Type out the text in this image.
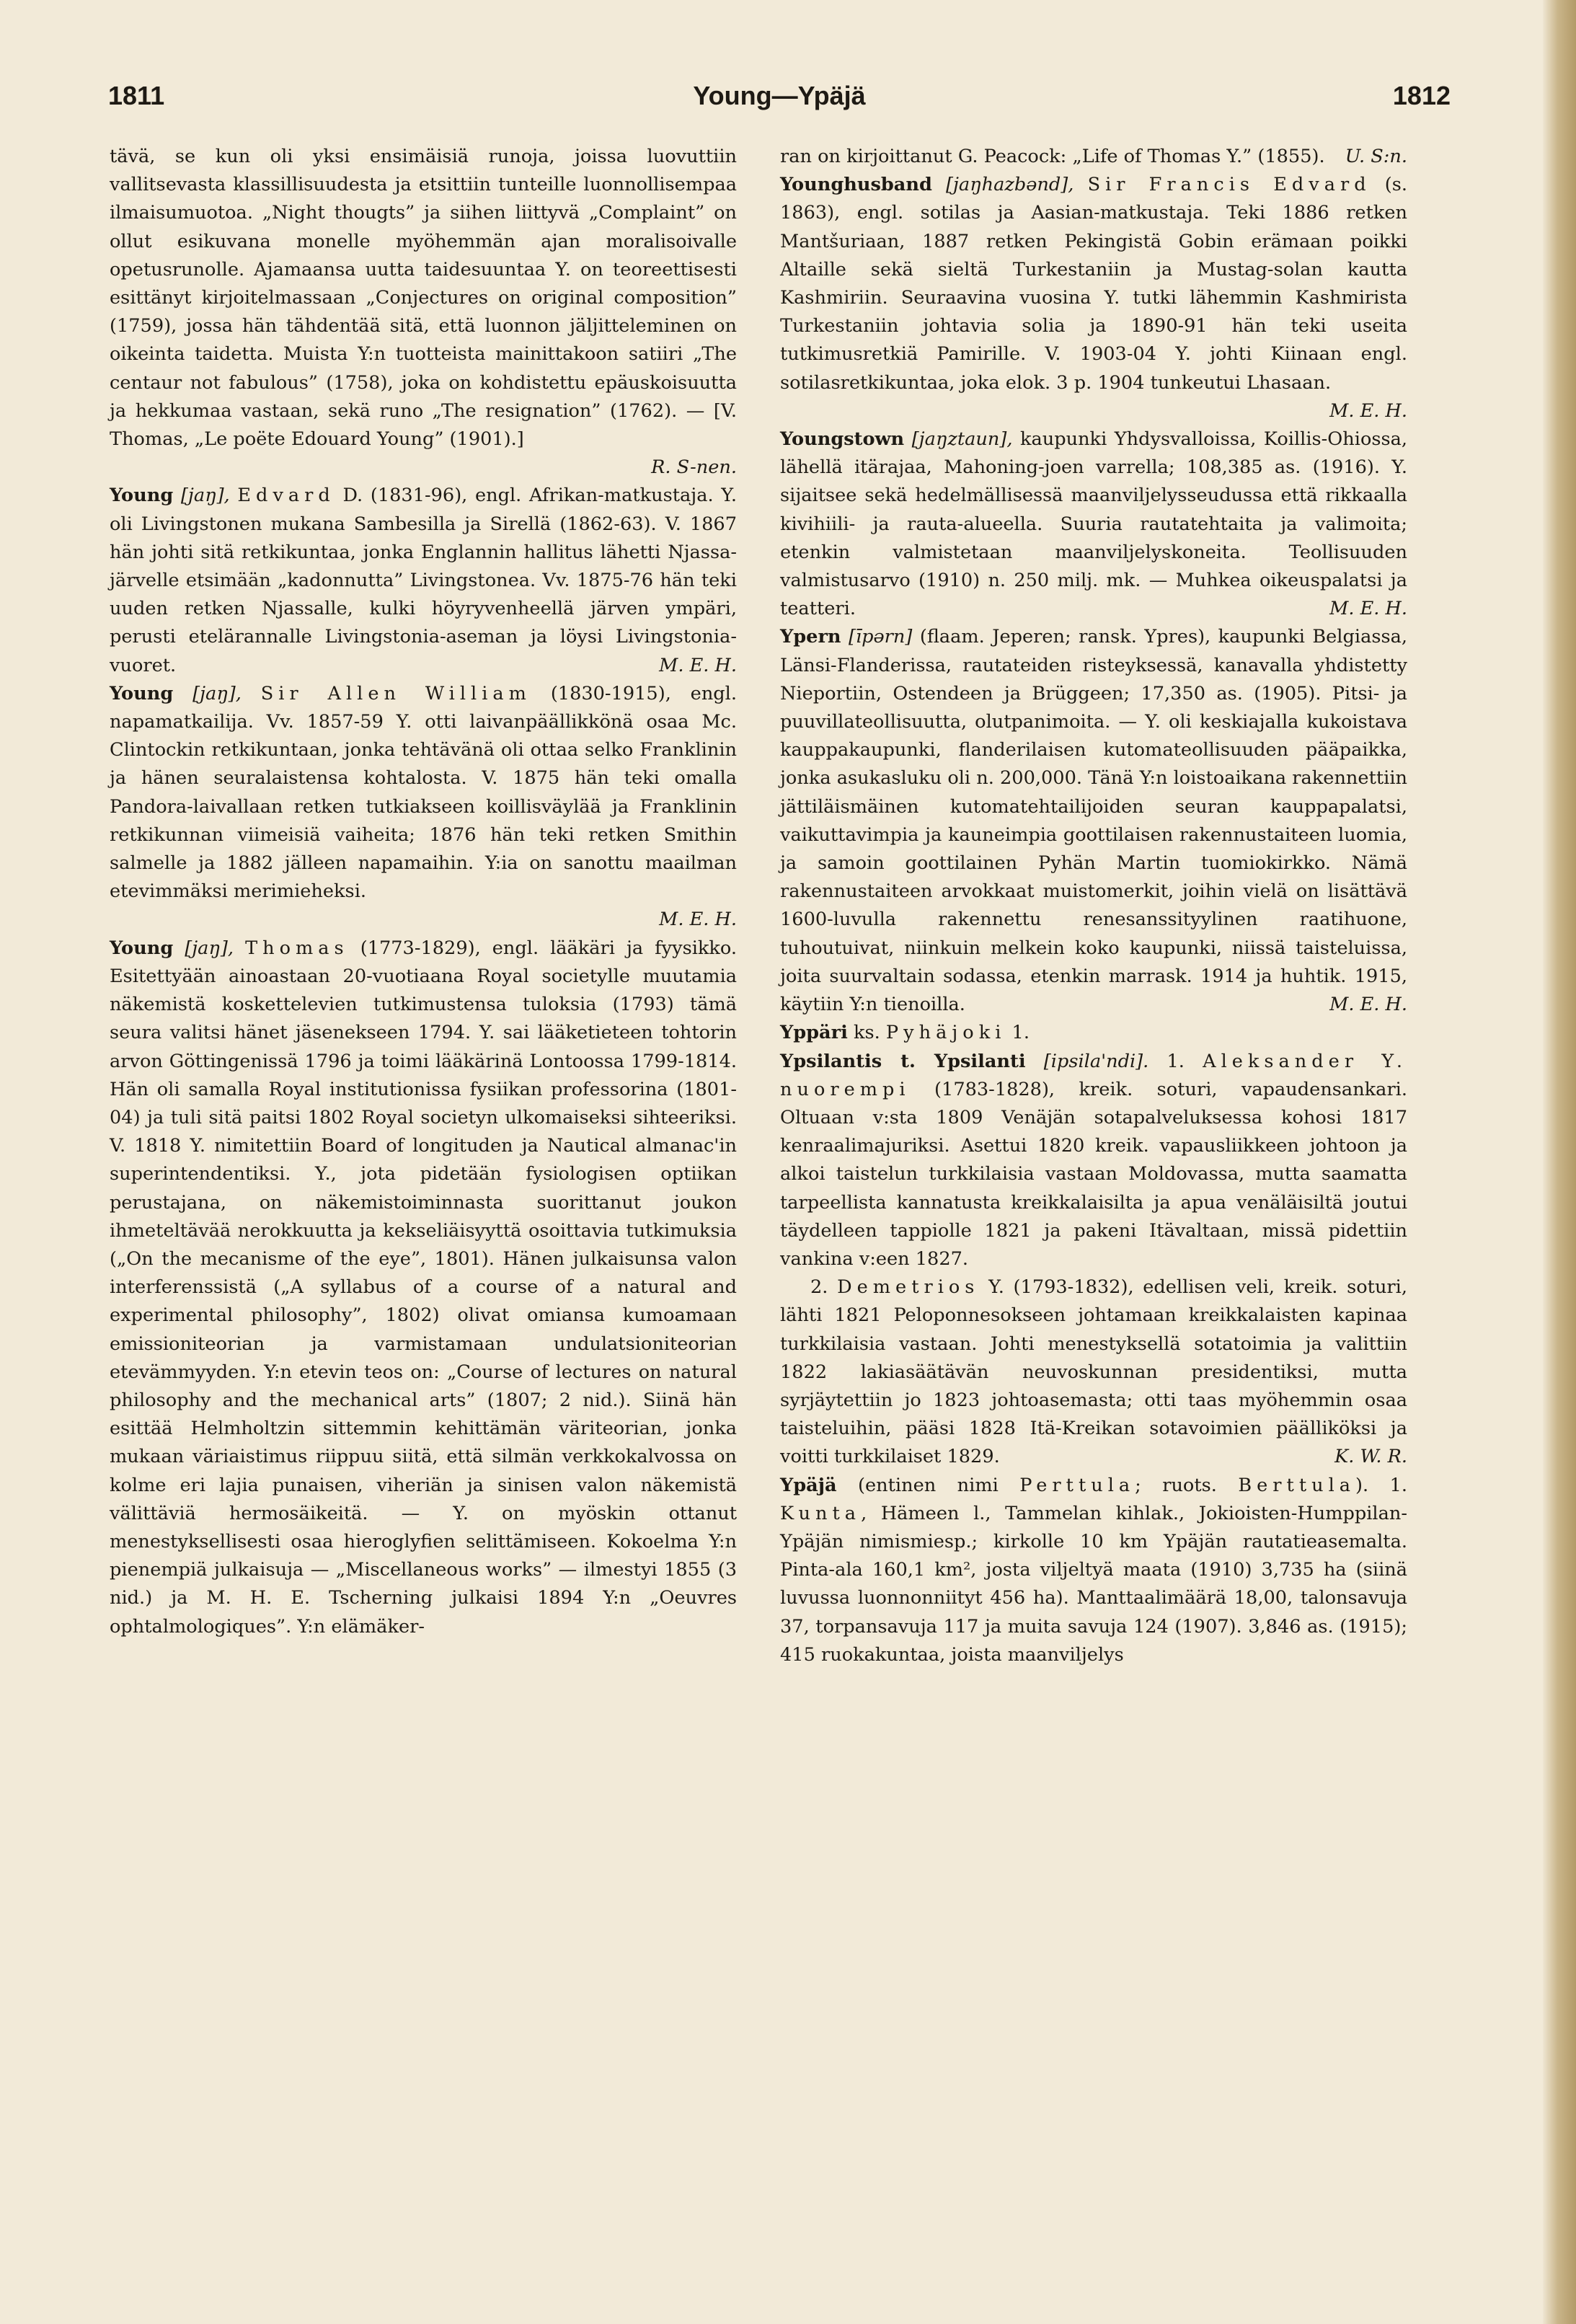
1811	Young—Ypäjä	1812

tävä, se kun oli yksi ensimäisiä runoja, joissa luovuttiin vallitsevasta klassillisuudesta ja etsittiin tunteille luonnollisempaa ilmaisumuotoa. „Night thougts” ja siihen liittyvä „Complaint” on ollut esikuvana monelle myöhemmän ajan moralisoivalle opetusrunolle. Ajamaansa uutta taidesuuntaa Y. on teoreettisesti esittänyt kirjoitelmassaan „Conjectures on original composition” (1759), jossa hän tähdentää sitä, että luonnon jäljitteleminen on oikeinta taidetta. Muista Y:n tuotteista mainittakoon satiiri „The centaur not fabulous” (1758), joka on kohdistettu epäuskoisuutta ja hekkumaa vastaan, sekä runo „The resignation” (1762). — [V. Thomas, „Le poëte Edouard Young” (1901).]

R. S-nen.

Young [jaŋ], Edvard D. (1831-96), engl. Afrikan-matkustaja. Y. oli Livingstonen mukana Sambesilla ja Sirellä (1862-63). V. 1867 hän johti sitä retkikuntaa, jonka Englannin hallitus lähetti Njassa-järvelle etsimään „kadonnutta” Livingstonea. Vv. 1875-76 hän teki uuden retken Njassalle, kulki höyryvenheellä järven ympäri, perusti etelärannalle Livingstonia-aseman ja löysi Livingstonia-vuoret.	M. E. H.

Young [jaŋ], Sir Allen William (1830-1915), engl. napamatkailija. Vv. 1857-59 Y. otti laivanpäällikkönä osaa Mc. Clintockin retkikuntaan, jonka tehtävänä oli ottaa selko Franklinin ja hänen seuralaistensa kohtalosta. V. 1875 hän teki omalla Pandora-laivallaan retken tutkiakseen koillisväylää ja Franklinin retkikunnan viimeisiä vaiheita; 1876 hän teki retken Smithin salmelle ja 1882 jälleen napamaihin. Y:ia on sanottu maailman etevimmäksi merimieheksi.

M. E. H.

Young [jaŋ], Thomas (1773-1829), engl. lääkäri ja fyysikko. Esitettyään ainoastaan 20-vuotiaana Royal societylle muutamia näkemistä koskettelevien tutkimustensa tuloksia (1793) tämä seura valitsi hänet jäsenekseen 1794. Y. sai lääketieteen tohtorin arvon Göttingenissä 1796 ja toimi lääkärinä Lontoossa 1799-1814. Hän oli samalla Royal institutionissa fysiikan professorina (1801-04) ja tuli sitä paitsi 1802 Royal societyn ulkomaiseksi sihteeriksi. V. 1818 Y. nimitettiin Board of longituden ja Nautical almanac'in superintendentiksi. Y., jota pidetään fysiologisen optiikan perustajana, on näkemistoiminnasta suorittanut joukon ihmeteltävää nerokkuutta ja kekseliäisyyttä osoittavia tutkimuksia („On the mecanisme of the eye”, 1801). Hänen julkaisunsa valon interferenssistä („A syllabus of a course of a natural and experimental philosophy”, 1802) olivat omiansa kumoamaan emissioniteorian ja varmistamaan undulatsioniteorian etevämmyyden. Y:n etevin teos on: „Course of lectures on natural philosophy and the mechanical arts” (1807; 2 nid.). Siinä hän esittää Helmholtzin sittemmin kehittämän väriteorian, jonka mukaan väriaistimus riippuu siitä, että silmän verkkokalvossa on kolme eri lajia punaisen, viheriän ja sinisen valon näkemistä välittäviä hermosäikeitä. — Y. on myöskin ottanut menestyksellisesti osaa hieroglyfien selittämiseen. Kokoelma Y:n pienempiä julkaisuja — „Miscellaneous works” — ilmestyi 1855 (3 nid.) ja M. H. E. Tscherning julkaisi 1894 Y:n „Oeuvres ophtalmologiques”. Y:n elämäker-

ran on kirjoittanut G. Peacock: „Life of Thomas Y.” (1855). U. S:n.

Younghusband [jaŋhazbənd], Sir Francis Edvard (s. 1863), engl. sotilas ja Aasian-matkustaja. Teki 1886 retken Mantšuriaan, 1887 retken Pekingistä Gobin erämaan poikki Altaille sekä sieltä Turkestaniin ja Mustag-solan kautta Kashmiriin. Seuraavina vuosina Y. tutki lähemmin Kashmirista Turkestaniin johtavia solia ja 1890-91 hän teki useita tutkimusretkiä Pamirille. V. 1903-04 Y. johti Kiinaan engl. sotilasretkikuntaa, joka elok. 3 p. 1904 tunkeutui Lhasaan.

M. E. H.

Youngstown [jaŋztaun], kaupunki Yhdysvalloissa, Koillis-Ohiossa, lähellä itärajaa, Mahoning-joen varrella; 108,385 as. (1916). Y. sijaitsee sekä hedelmällisessä maanviljelysseudussa että rikkaalla kivihiili- ja rauta-alueella. Suuria rautatehtaita ja valimoita; etenkin valmistetaan maanviljelyskoneita. Teollisuuden valmistusarvo (1910) n. 250 milj. mk. — Muhkea oikeuspalatsi ja teatteri.	M. E. H.

Ypern [īpərn] (flaam. Jeperen; ransk. Ypres), kaupunki Belgiassa, Länsi-Flanderissa, rautateiden risteyksessä, kanavalla yhdistetty Nieportiin, Ostendeen ja Brüggeen; 17,350 as. (1905). Pitsi- ja puuvillateollisuutta, olutpanimoita. — Y. oli keskiajalla kukoistava kauppakaupunki, flanderilaisen kutomateollisuuden pääpaikka, jonka asukasluku oli n. 200,000. Tänä Y:n loistoaikana rakennettiin jättiläismäinen kutomatehtailijoiden seuran kauppapalatsi, vaikuttavimpia ja kauneimpia goottilaisen rakennustaiteen luomia, ja samoin goottilainen Pyhän Martin tuomiokirkko. Nämä rakennustaiteen arvokkaat muistomerkit, joihin vielä on lisättävä 1600-luvulla rakennettu renesanssityylinen raatihuone, tuhoutuivat, niinkuin melkein koko kaupunki, niissä taisteluissa, joita suurvaltain sodassa, etenkin marrask. 1914 ja huhtik. 1915, käytiin Y:n tienoilla.	M. E. H.

Yppäri ks. Pyhäjoki 1.

Ypsilantis t. Ypsilanti [ipsila'ndi]. 1. Aleksander Y. nuorempi (1783-1828), kreik. soturi, vapaudensankari. Oltuaan v:sta 1809 Venäjän sotapalveluksessa kohosi 1817 kenraalimajuriksi. Asettui 1820 kreik. vapausliikkeen johtoon ja alkoi taistelun turkkilaisia vastaan Moldovassa, mutta saamatta tarpeellista kannatusta kreikkalaisilta ja apua venäläisiltä joutui täydelleen tappiolle 1821 ja pakeni Itävaltaan, missä pidettiin vankina v:een 1827.

2. Demetrios Y. (1793-1832), edellisen veli, kreik. soturi, lähti 1821 Peloponnesokseen johtamaan kreikkalaisten kapinaa turkkilaisia vastaan. Johti menestyksellä sotatoimia ja valittiin 1822 lakiasäätävän neuvoskunnan presidentiksi, mutta syrjäytettiin jo 1823 johtoasemasta; otti taas myöhemmin osaa taisteluihin, pääsi 1828 Itä-Kreikan sotavoimien päälliköksi ja voitti turkkilaiset 1829.	K. W. R.

Ypäjä (entinen nimi Perttula; ruots. Berttula). 1. Kunta, Hämeen l., Tammelan kihlak., Jokioisten-Humppilan-Ypäjän nimismiesp.; kirkolle 10 km Ypäjän rautatieasemalta. Pinta-ala 160,1 km², josta viljeltyä maata (1910) 3,735 ha (siinä luvussa luonnonniityt 456 ha). Manttaalimäärä 18,00, talonsavuja 37, torpansavuja 117 ja muita savuja 124 (1907). 3,846 as. (1915); 415 ruokakuntaa, joista maanviljelys
